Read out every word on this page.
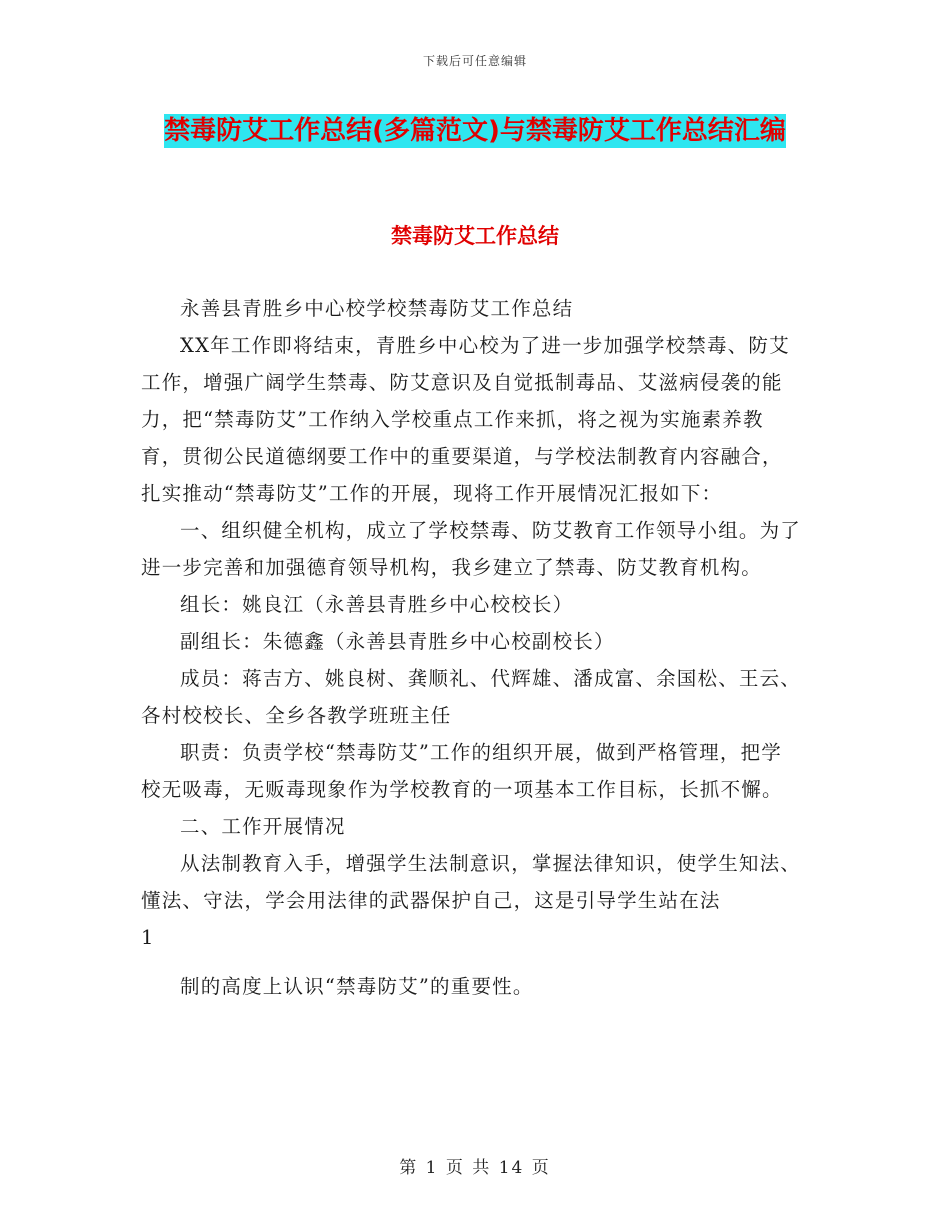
下载后可任意编辑
禁毒防艾工作总结(多篇范文)与禁毒防艾工作总结汇编
禁毒防艾工作总结

永善县青胜乡中心校学校禁毒防艾工作总结

XX年工作即将结束，青胜乡中心校为了进一步加强学校禁毒、防艾工作，增强广阔学生禁毒、防艾意识及自觉抵制毒品、艾滋病侵袭的能力，把“禁毒防艾”工作纳入学校重点工作来抓，将之视为实施素养教育，贯彻公民道德纲要工作中的重要渠道，与学校法制教育内容融合，扎实推动“禁毒防艾”工作的开展，现将工作开展情况汇报如下：

一、组织健全机构，成立了学校禁毒、防艾教育工作领导小组。为了进一步完善和加强德育领导机构，我乡建立了禁毒、防艾教育机构。

组长：姚良江（永善县青胜乡中心校校长）

副组长：朱德鑫（永善县青胜乡中心校副校长）

成员：蒋吉方、姚良树、龚顺礼、代辉雄、潘成富、余国松、王云、各村校校长、全乡各教学班班主任

职责：负责学校“禁毒防艾”工作的组织开展，做到严格管理，把学校无吸毒，无贩毒现象作为学校教育的一项基本工作目标，长抓不懈。

二、工作开展情况

从法制教育入手，增强学生法制意识，掌握法律知识，使学生知法、懂法、守法，学会用法律的武器保护自己，这是引导学生站在法

1

制的高度上认识“禁毒防艾”的重要性。

第 1 页 共 14 页
